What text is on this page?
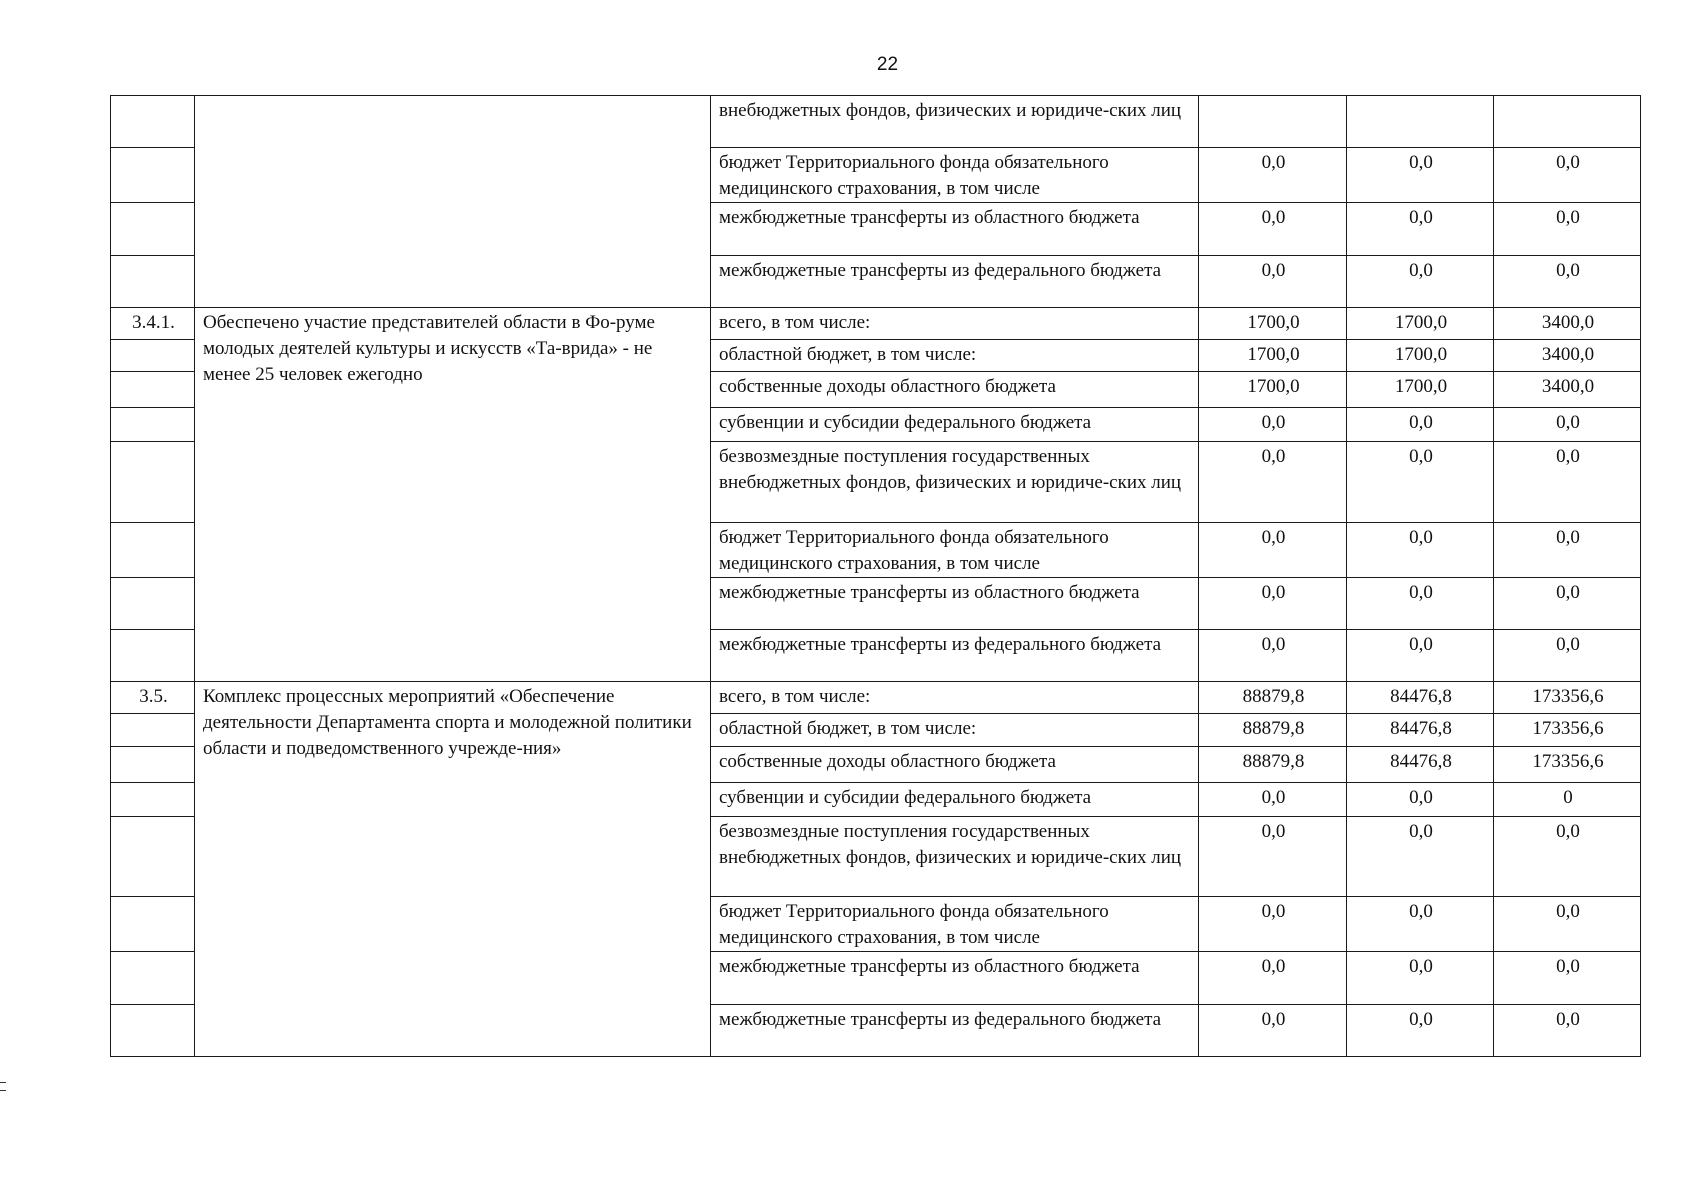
22
		внебюджетных фондов, физических и юридиче-ских лиц			
		бюджет Территориального фонда обязательного медицинского страхования, в том числе	0,0	0,0	0,0
		межбюджетные трансферты из областного бюджета	0,0	0,0	0,0
		межбюджетные трансферты из федерального бюджета	0,0	0,0	0,0
3.4.1.	Обеспечено участие представителей области в Фо-руме молодых деятелей культуры и искусств «Та-врида» - не менее 25 человек ежегодно	всего, в том числе:	1700,0	1700,0	3400,0
		областной бюджет, в том числе:	1700,0	1700,0	3400,0
		собственные доходы областного бюджета	1700,0	1700,0	3400,0
		субвенции и субсидии федерального бюджета	0,0	0,0	0,0
		безвозмездные поступления государственных внебюджетных фондов, физических и юридиче-ских лиц	0,0	0,0	0,0
		бюджет Территориального фонда обязательного медицинского страхования, в том числе	0,0	0,0	0,0
		межбюджетные трансферты из областного бюджета	0,0	0,0	0,0
		межбюджетные трансферты из федерального бюджета	0,0	0,0	0,0
3.5.	Комплекс процессных мероприятий «Обеспечение деятельности Департамента спорта и молодежной политики области и подведомственного учрежде-ния»	всего, в том числе:	88879,8	84476,8	173356,6
		областной бюджет, в том числе:	88879,8	84476,8	173356,6
		собственные доходы областного бюджета	88879,8	84476,8	173356,6
		субвенции и субсидии федерального бюджета	0,0	0,0	0
		безвозмездные поступления государственных внебюджетных фондов, физических и юридиче-ских лиц	0,0	0,0	0,0
		бюджет Территориального фонда обязательного медицинского страхования, в том числе	0,0	0,0	0,0
		межбюджетные трансферты из областного бюджета	0,0	0,0	0,0
		межбюджетные трансферты из федерального бюджета	0,0	0,0	0,0
